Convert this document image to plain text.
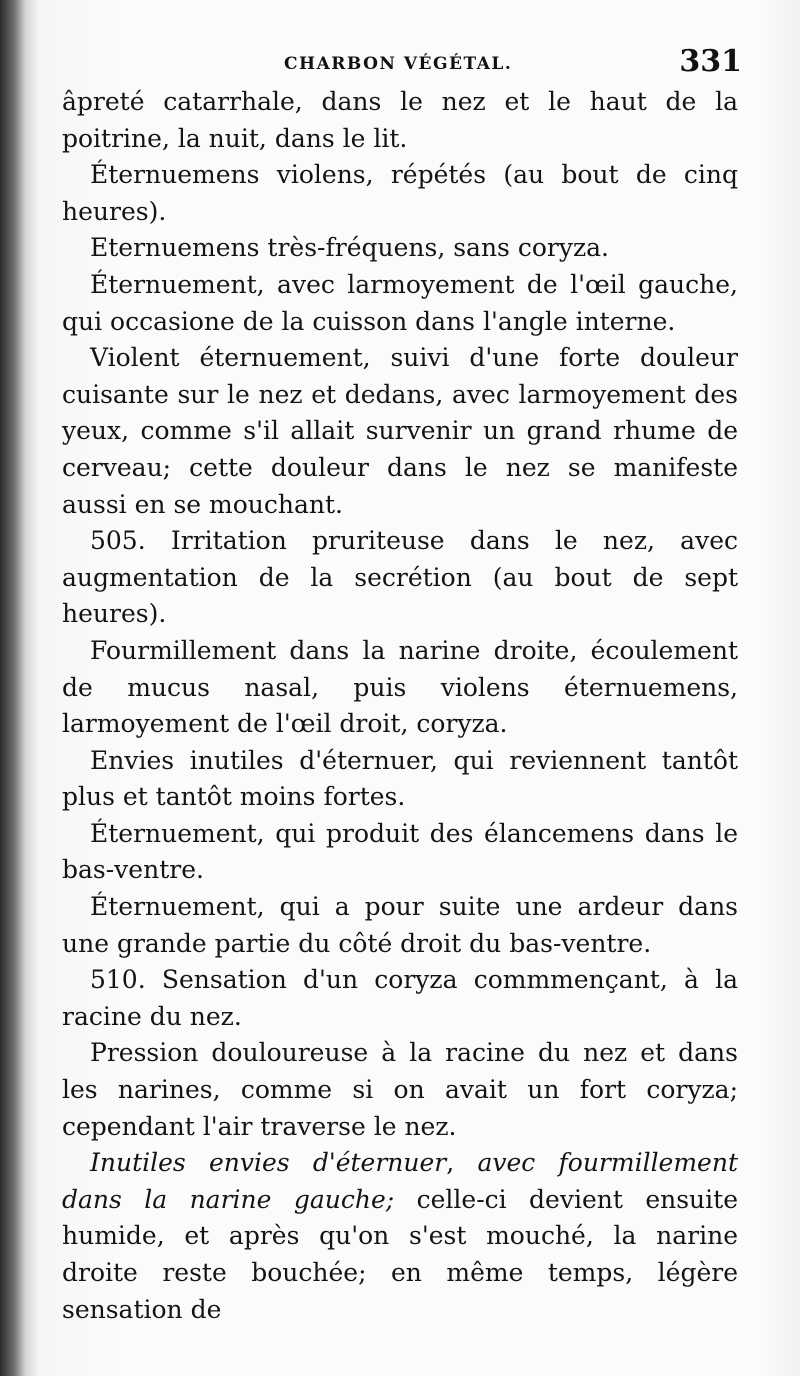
CHARBON VÉGÉTAL.	331

âpreté catarrhale, dans le nez et le haut de la poitrine, la nuit, dans le lit.

Éternuemens violens, répétés (au bout de cinq heures).

Eternuemens très-fréquens, sans coryza.

Éternuement, avec larmoyement de l'œil gauche, qui occasione de la cuisson dans l'angle interne.

Violent éternuement, suivi d'une forte douleur cuisante sur le nez et dedans, avec larmoyement des yeux, comme s'il allait survenir un grand rhume de cerveau; cette douleur dans le nez se manifeste aussi en se mouchant.

505. Irritation pruriteuse dans le nez, avec augmentation de la secrétion (au bout de sept heures).

Fourmillement dans la narine droite, écoulement de mucus nasal, puis violens éternuemens, larmoyement de l'œil droit, coryza.

Envies inutiles d'éternuer, qui reviennent tantôt plus et tantôt moins fortes.

Éternuement, qui produit des élancemens dans le bas-ventre.

Éternuement, qui a pour suite une ardeur dans une grande partie du côté droit du bas-ventre.

510. Sensation d'un coryza commmençant, à la racine du nez.

Pression douloureuse à la racine du nez et dans les narines, comme si on avait un fort coryza; cependant l'air traverse le nez.

Inutiles envies d'éternuer, avec fourmillement dans la narine gauche; celle-ci devient ensuite humide, et après qu'on s'est mouché, la narine droite reste bouchée; en même temps, légère sensation de
